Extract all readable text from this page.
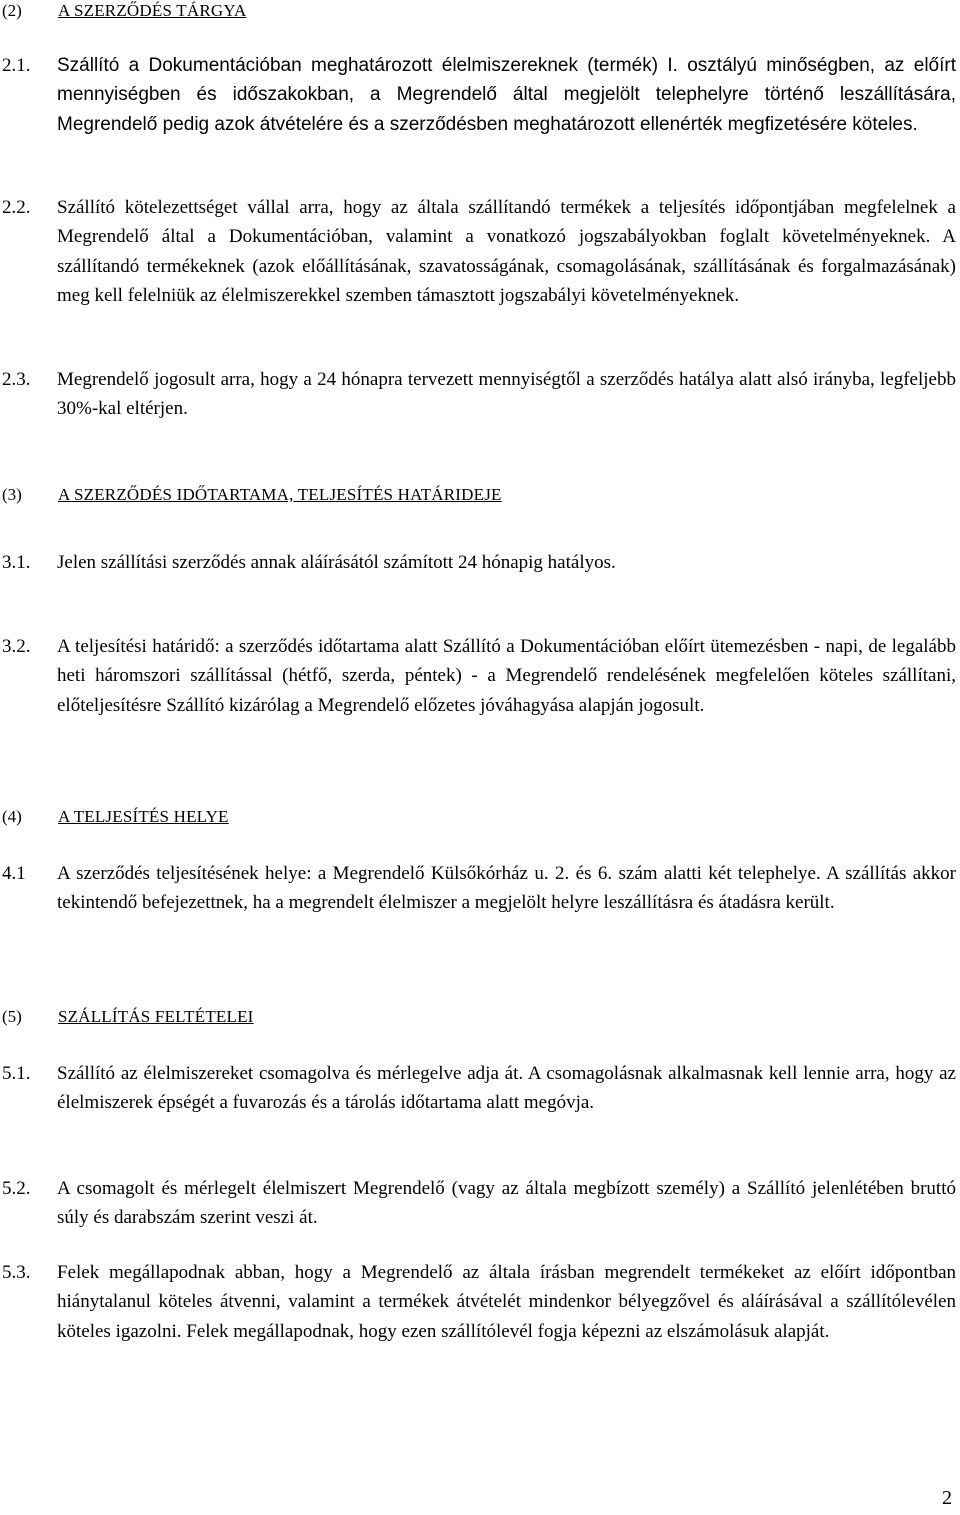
(2) A SZERZŐDÉS TÁRGYA
2.1. Szállító a Dokumentációban meghatározott élelmiszereknek (termék) I. osztályú minőségben, az előírt mennyiségben és időszakokban, a Megrendelő által megjelölt telephelyre történő leszállítására, Megrendelő pedig azok átvételére és a szerződésben meghatározott ellenérték megfizetésére köteles.
2.2. Szállító kötelezettséget vállal arra, hogy az általa szállítandó termékek a teljesítés időpontjában megfelelnek a Megrendelő által a Dokumentációban, valamint a vonatkozó jogszabályokban foglalt követelményeknek. A szállítandó termékeknek (azok előállításának, szavatosságának, csomagolásának, szállításának és forgalmazásának) meg kell felelniük az élelmiszerekkel szemben támasztott jogszabályi követelményeknek.
2.3. Megrendelő jogosult arra, hogy a 24 hónapra tervezett mennyiségtől a szerződés hatálya alatt alsó irányba, legfeljebb 30%-kal eltérjen.
(3) A SZERZŐDÉS IDŐTARTAMA, TELJESÍTÉS HATÁRIDEJE
3.1. Jelen szállítási szerződés annak aláírásától számított 24 hónapig hatályos.
3.2. A teljesítési határidő: a szerződés időtartama alatt Szállító a Dokumentációban előírt ütemezésben - napi, de legalább heti háromszori szállítással (hétfő, szerda, péntek) - a Megrendelő rendelésének megfelelően köteles szállítani, előteljesítésre Szállító kizárólag a Megrendelő előzetes jóváhagyása alapján jogosult.
(4) A TELJESÍTÉS HELYE
4.1 A szerződés teljesítésének helye: a Megrendelő Külsőkórház u. 2. és 6. szám alatti két telephelye. A szállítás akkor tekintendő befejezettnek, ha a megrendelt élelmiszer a megjelölt helyre leszállításra és átadásra került.
(5) SZÁLLÍTÁS FELTÉTELEI
5.1. Szállító az élelmiszereket csomagolva és mérlegelve adja át. A csomagolásnak alkalmasnak kell lennie arra, hogy az élelmiszerek épségét a fuvarozás és a tárolás időtartama alatt megóvja.
5.2. A csomagolt és mérlegelt élelmiszert Megrendelő (vagy az általa megbízott személy) a Szállító jelenlétében bruttó súly és darabszám szerint veszi át.
5.3. Felek megállapodnak abban, hogy a Megrendelő az általa írásban megrendelt termékeket az előírt időpontban hiánytalanul köteles átvenni, valamint a termékek átvételét mindenkor bélyegzővel és aláírásával a szállítólevélen köteles igazolni. Felek megállapodnak, hogy ezen szállítólevél fogja képezni az elszámolásuk alapját.
2
